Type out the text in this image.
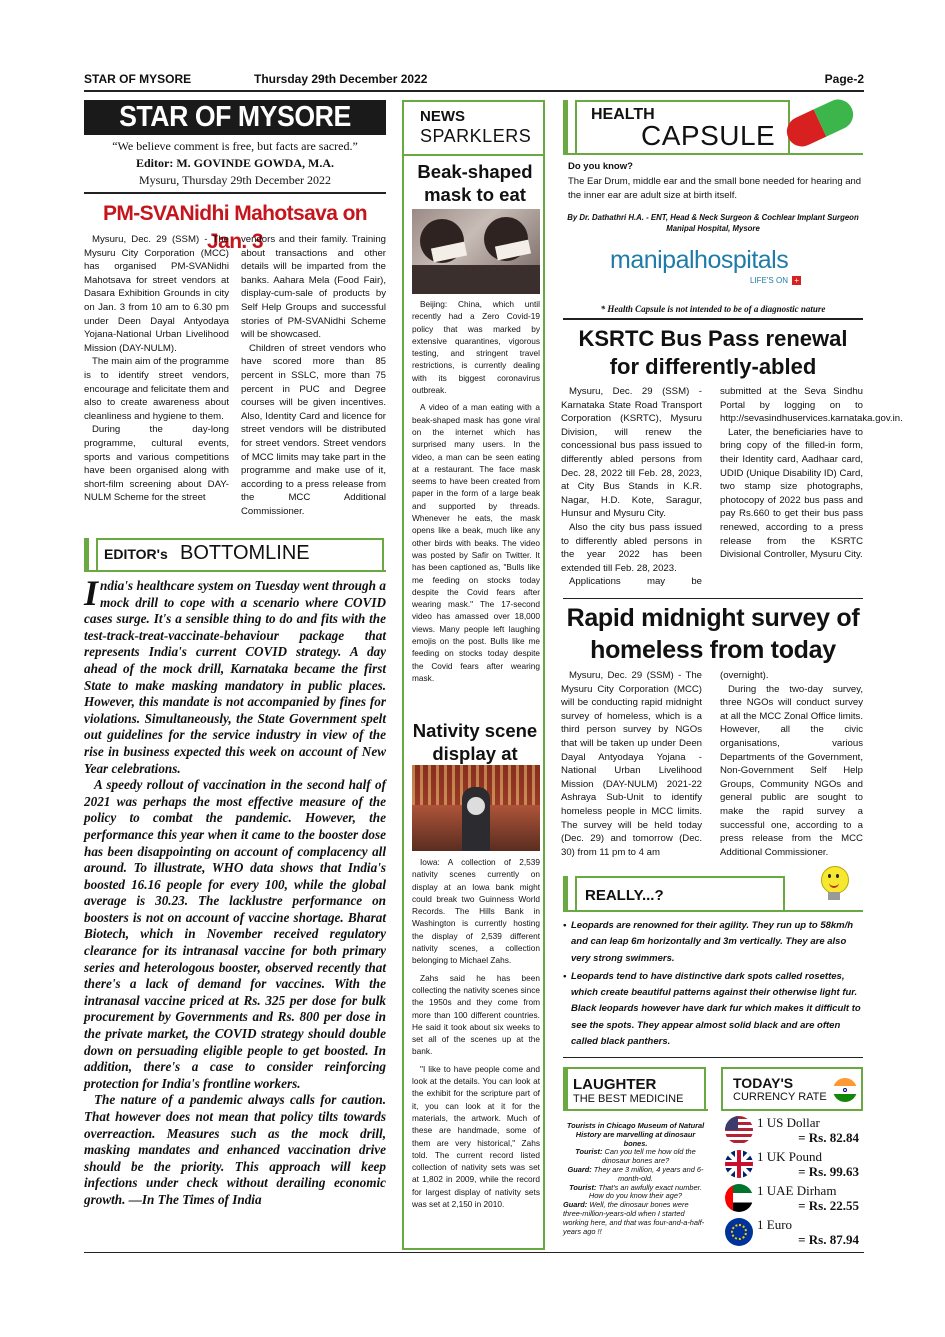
STAR OF MYSORE	Thursday 29th December 2022	Page-2
STAR OF MYSORE
“We believe comment is free, but facts are sacred.”
Editor: M. GOVINDE GOWDA, M.A.
Mysuru, Thursday 29th December 2022
PM-SVANidhi Mahotsava on Jan. 3

Mysuru, Dec. 29 (SSM) - The Mysuru City Corporation (MCC) has organised PM-SVANidhi Mahotsava for street vendors at Dasara Exhibition Grounds in city on Jan. 3 from 10 am to 6.30 pm under Deen Dayal Antyodaya Yojana-National Urban Livelihood Mission (DAY-NULM).

The main aim of the programme is to identify street vendors, encourage and felicitate them and also to create awareness about cleanliness and hygiene to them.

During the day-long programme, cultural events, sports and various competitions have been organised along with short-film screening about DAY-NULM Scheme for the street

vendors and their family. Training about transactions and other details will be imparted from the banks. Aahara Mela (Food Fair), display-cum-sale of products by Self Help Groups and successful stories of PM-SVANidhi Scheme will be showcased.

Children of street vendors who have scored more than 85 percent in SSLC, more than 75 percent in PUC and Degree courses will be given incentives. Also, Identity Card and licence for street vendors will be distributed for street vendors. Street vendors of MCC limits may take part in the programme and make use of it, according to a press release from the MCC Additional Commissioner.

EDITOR's BOTTOMLINE

India's healthcare system on Tuesday went through a mock drill to cope with a scenario where COVID cases surge. It's a sensible thing to do and fits with the test-track-treat-vaccinate-behaviour package that represents India's current COVID strategy. A day ahead of the mock drill, Karnataka became the first State to make masking mandatory in public places. However, this mandate is not accompanied by fines for violations. Simultaneously, the State Government spelt out guidelines for the service industry in view of the rise in business expected this week on account of New Year celebrations.

A speedy rollout of vaccination in the second half of 2021 was perhaps the most effective measure of the policy to combat the pandemic. However, the performance this year when it came to the booster dose has been disappointing on account of complacency all around. To illustrate, WHO data shows that India's boosted 16.16 people for every 100, while the global average is 30.23. The lacklustre performance on boosters is not on account of vaccine shortage. Bharat Biotech, which in November received regulatory clearance for its intranasal vaccine for both primary series and heterologous booster, observed recently that there's a lack of demand for vaccines. With the intranasal vaccine priced at Rs. 325 per dose for bulk procurement by Governments and Rs. 800 per dose in the private market, the COVID strategy should double down on persuading eligible people to get boosted. In addition, there's a case to consider reinforcing protection for India's frontline workers.

The nature of a pandemic always calls for caution. That however does not mean that policy tilts towards overreaction. Measures such as the mock drill, masking mandates and enhanced vaccination drive should be the priority. This approach will keep infections under check without derailing economic growth. —In The Times of India

NEWS
SPARKLERS
Beak-shaped mask to eat

Beijing: China, which until recently had a Zero Covid-19 policy that was marked by extensive quarantines, vigorous testing, and stringent travel restrictions, is currently dealing with its biggest coronavirus outbreak.

A video of a man eating with a beak-shaped mask has gone viral on the internet which has surprised many users. In the video, a man can be seen eating at a restaurant. The face mask seems to have been created from paper in the form of a large beak and supported by threads. Whenever he eats, the mask opens like a beak, much like any other birds with beaks. The video was posted by Safir on Twitter. It has been captioned as, "Bulls like me feeding on stocks today despite the Covid fears after wearing mask." The 17-second video has amassed over 18,000 views. Many people left laughing emojis on the post. Bulls like me feeding on stocks today despite the Covid fears after wearing mask.

Nativity scene display at

Iowa: A collection of 2,539 nativity scenes currently on display at an Iowa bank might could break two Guinness World Records. The Hills Bank in Washington is currently hosting the display of 2,539 different nativity scenes, a collection belonging to Michael Zahs.

Zahs said he has been collecting the nativity scenes since the 1950s and they come from more than 100 different countries. He said it took about six weeks to set all of the scenes up at the bank.

"I like to have people come and look at the details. You can look at the exhibit for the scripture part of it, you can look at it for the materials, the artwork. Much of these are handmade, some of them are very historical," Zahs told. The current record listed collection of nativity sets was set at 1,802 in 2009, while the record for largest display of nativity sets was set at 2,150 in 2010.

HEALTH
CAPSULE
Do you know?
The Ear Drum, middle ear and the small bone needed for hearing and the inner ear are adult size at birth itself.
By Dr. Dathathri H.A. - ENT, Head & Neck Surgeon & Cochlear Implant Surgeon
Manipal Hospital, Mysore
manipalhospitals
LIFE'S ON +
* Health Capsule is not intended to be of a diagnostic nature
KSRTC Bus Pass renewal for differently-abled

Mysuru, Dec. 29 (SSM) - Karnataka State Road Transport Corporation (KSRTC), Mysuru Division, will renew the concessional bus pass issued to differently abled persons from Dec. 28, 2022 till Feb. 28, 2023, at City Bus Stands in K.R. Nagar, H.D. Kote, Saragur, Hunsur and Mysuru City.

Also the city bus pass issued to differently abled persons in the year 2022 has been extended till Feb. 28, 2023.

Applications may be

submitted at the Seva Sindhu Portal by logging on to http://sevasindhuservices.karnataka.gov.in.

Later, the beneficiaries have to bring copy of the filled-in form, their Identity card, Aadhaar card, UDID (Unique Disability ID) Card, two stamp size photographs, photocopy of 2022 bus pass and pay Rs.660 to get their bus pass renewed, according to a press release from the KSRTC Divisional Controller, Mysuru City.

Rapid midnight survey of homeless from today

Mysuru, Dec. 29 (SSM) - The Mysuru City Corporation (MCC) will be conducting rapid midnight survey of homeless, which is a third person survey by NGOs that will be taken up under Deen Dayal Antyodaya Yojana - National Urban Livelihood Mission (DAY-NULM) 2021-22 Ashraya Sub-Unit to identify homeless people in MCC limits. The survey will be held today (Dec. 29) and tomorrow (Dec. 30) from 11 pm to 4 am

(overnight).

During the two-day survey, three NGOs will conduct survey at all the MCC Zonal Office limits. However, all the civic organisations, various Departments of the Government, Non-Government Self Help Groups, Community NGOs and general public are sought to make the rapid survey a successful one, according to a press release from the MCC Additional Commissioner.

REALLY...?
• Leopards are renowned for their agility. They run up to 58km/h and can leap 6m horizontally and 3m vertically. They are also very strong swimmers.
• Leopards tend to have distinctive dark spots called rosettes, which create beautiful patterns against their otherwise light fur. Black leopards however have dark fur which makes it difficult to see the spots. They appear almost solid black and are often called black panthers.
LAUGHTER
THE BEST MEDICINE
Tourists in Chicago Museum of Natural History are marvelling at dinosaur bones.
Tourist: Can you tell me how old the dinosaur bones are?
Guard: They are 3 million, 4 years and 6-month-old.
Tourist: That's an awfully exact number. How do you know their age?
Guard: Well, the dinosaur bones were three-million-years-old when I started working here, and that was four-and-a-half-years ago !!
TODAY'S
CURRENCY RATE
1 US Dollar
= Rs. 82.84
1 UK Pound
= Rs. 99.63
1 UAE Dirham
= Rs. 22.55
1 Euro
= Rs. 87.94
